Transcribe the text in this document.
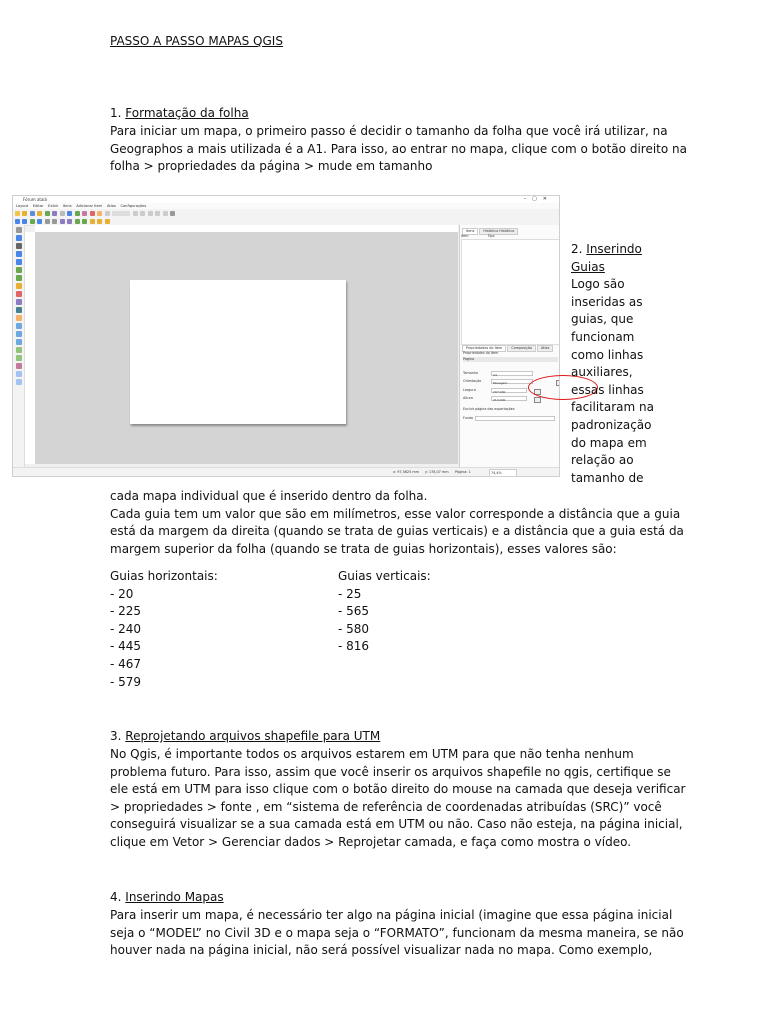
PASSO A PASSO MAPAS QGIS
1. Formatação da folha
Para iniciar um mapa, o primeiro passo é decidir o tamanho da folha que você irá utilizar, na
Geographos a mais utilizada é a A1. Para isso, ao entrar no mapa, clique com o botão direito na
folha > propriedades da página > mude em tamanho
Fórum ataiá	–▢✕
Layout Editar Exibir Itens Adicionar Item Atlas Configurações
Itens	Histórico Histórico
Item	Tipo
Propriedades do Item	Composição	Atlas
Propriedades do Item
Página
Tamanho	A4
Orientação	Paisagem
Largura	297,000
Altura	210,000
Excluir página das exportações
Fundo
x: 97,5625 mm y: 178,07 mm Página: 1	74,4%
2. Inserindo
Guias
Logo são
inseridas as
guias, que
funcionam
como linhas
auxiliares,
essas linhas
facilitaram na
padronização
do mapa em
relação ao
tamanho de
cada mapa individual que é inserido dentro da folha.
Cada guia tem um valor que são em milímetros, esse valor corresponde a distância que a guia
está da margem da direita (quando se trata de guias verticais) e a distância que a guia está da
margem superior da folha (quando se trata de guias horizontais), esses valores são:
Guias horizontais:
- 20
- 225
- 240
- 445
- 467
- 579
Guias verticais:
- 25
- 565
- 580
- 816
3. Reprojetando arquivos shapefile para UTM
No Qgis, é importante todos os arquivos estarem em UTM para que não tenha nenhum
problema futuro. Para isso, assim que você inserir os arquivos shapefile no qgis, certifique se
ele está em UTM para isso clique com o botão direito do mouse na camada que deseja verificar
> propriedades > fonte , em “sistema de referência de coordenadas atribuídas (SRC)” você
conseguirá visualizar se a sua camada está em UTM ou não. Caso não esteja, na página inicial,
clique em Vetor > Gerenciar dados > Reprojetar camada, e faça como mostra o vídeo.
4. Inserindo Mapas
Para inserir um mapa, é necessário ter algo na página inicial (imagine que essa página inicial
seja o “MODEL” no Civil 3D e o mapa seja o “FORMATO”, funcionam da mesma maneira, se não
houver nada na página inicial, não será possível visualizar nada no mapa. Como exemplo,
